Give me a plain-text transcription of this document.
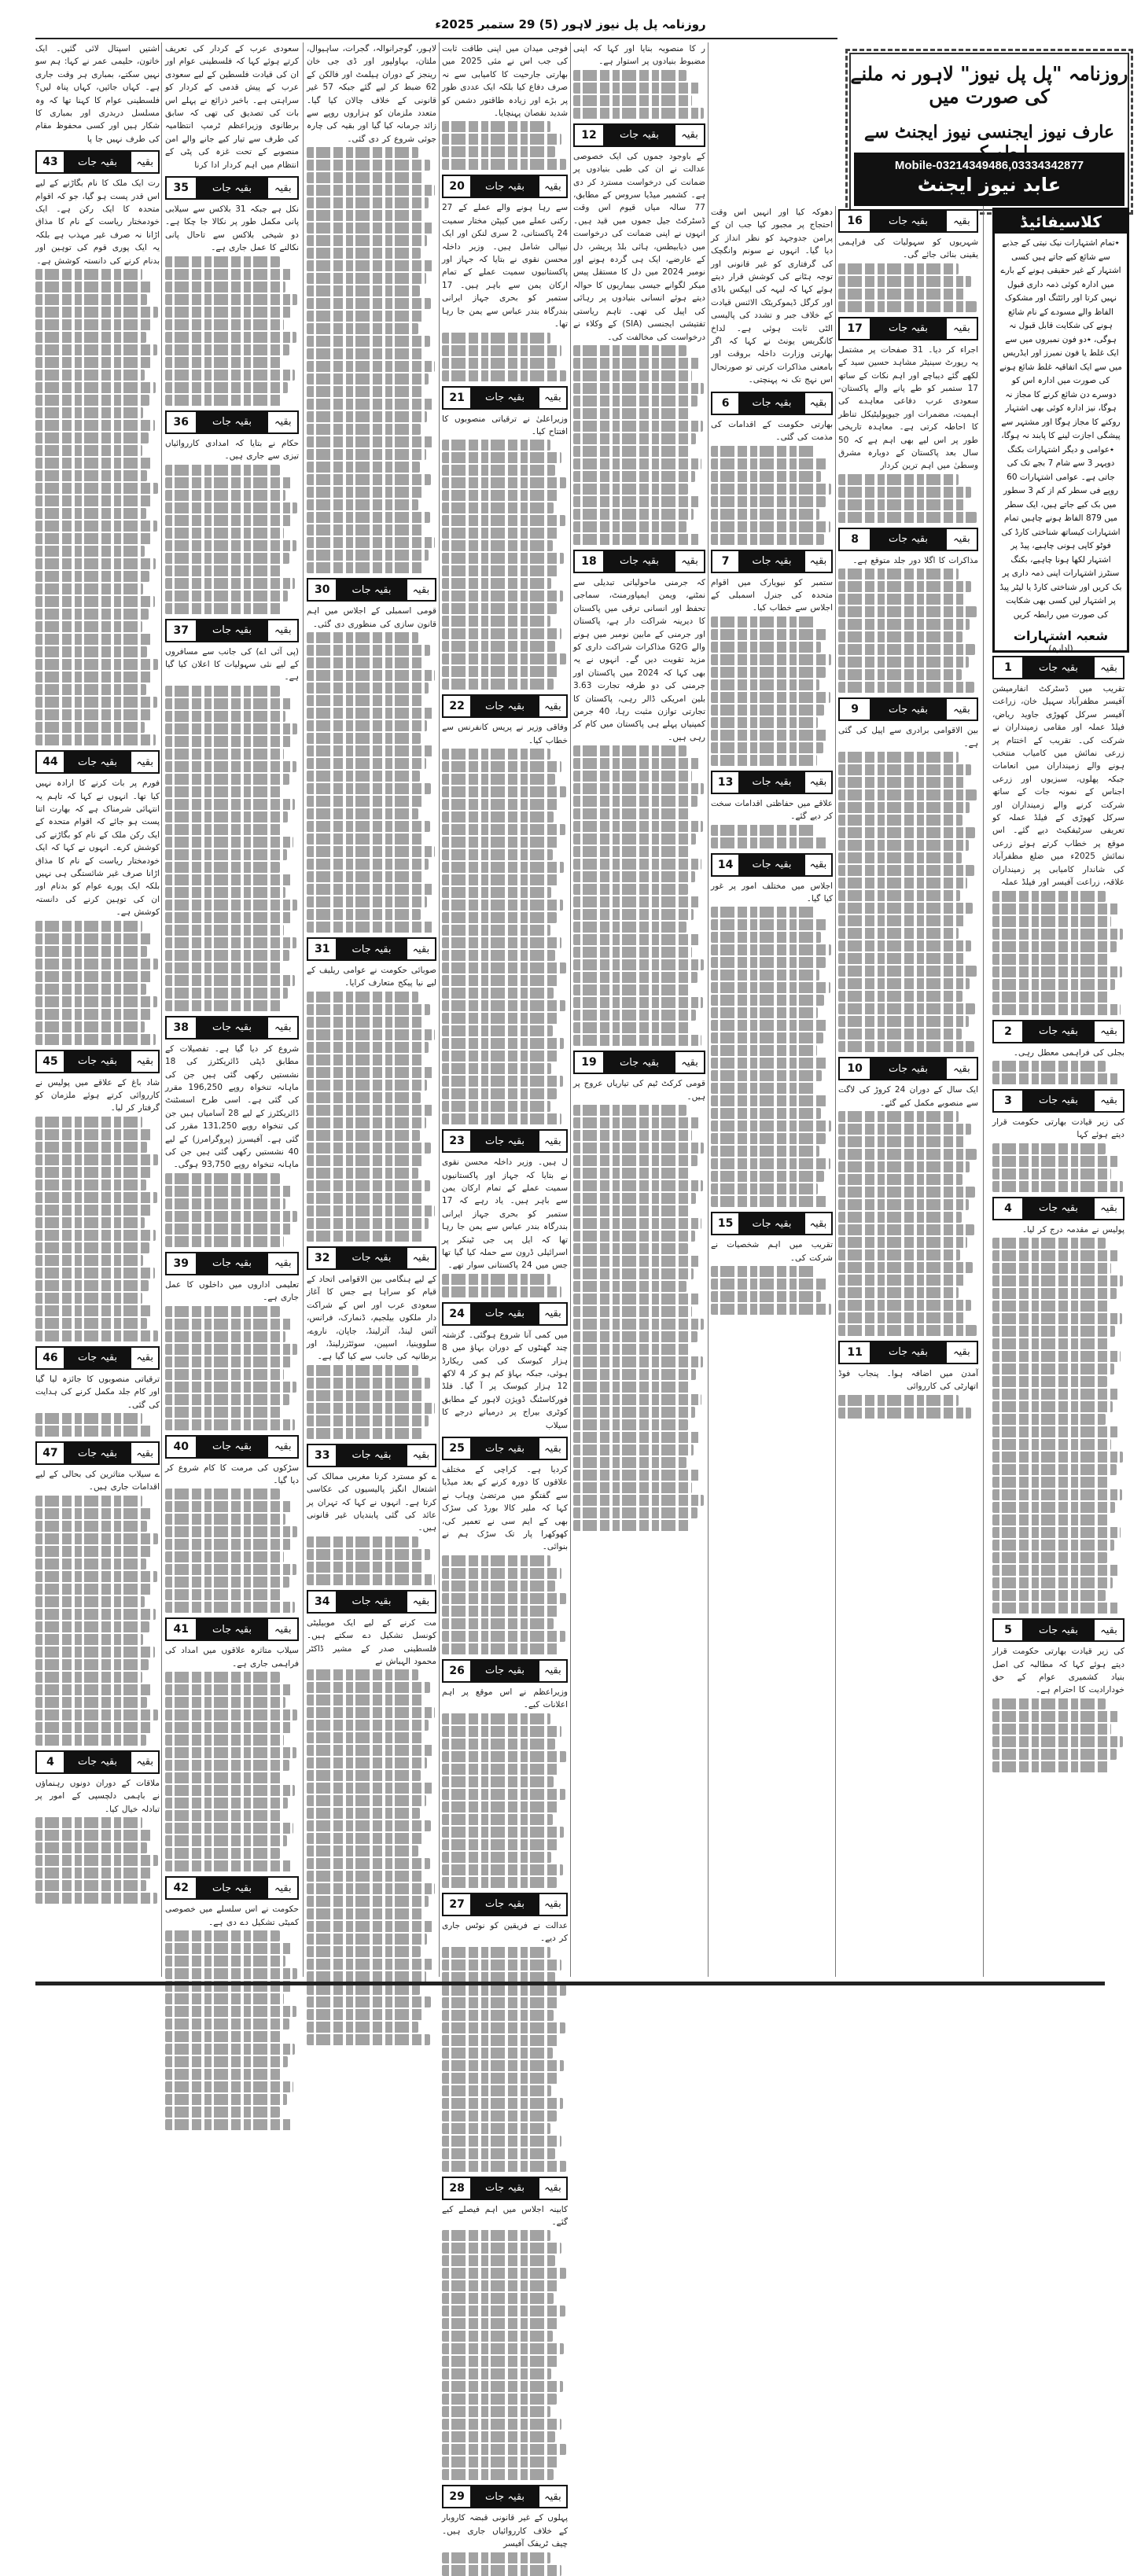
روزنامہ پل پل نیوز لاہور (5) 29 ستمبر 2025ء
روزنامہ "پل پل نیوز" لاہور نہ ملنے کی صورت میں
عارف نیوز ایجنسی نیوز ایجنٹ سے
Mobile-03214349486,03334342877
عابد نیوز ایجنٹ
کلاسیفائیڈ
٭تمام اشتہارات نیک نیتی کے جذبے سے شائع کیے جاتے ہیں کسی اشتہار کے غیر حقیقی ہونے کے بارے میں ادارہ کوئی ذمہ داری قبول نہیں کرتا اور رائٹنگ اور مشکوک الفاظ والے مسودے کے نام شائع ہونے کی شکایت قابل قبول نہ ہوگی، ٭دو فون نمبروں میں سے ایک غلط یا فون نمبرز اور ایڈریس میں سے ایک اتفاقیہ غلط شائع ہونے کی صورت میں ادارہ اس کو دوسرے دن شائع کرنے کا مجاز نہ ہوگا، نیز ادارہ کوئی بھی اشتہار روکنے کا مجاز ہوگا اور مشتہر سے پیشگی اجازت لینے کا پابند نہ ہوگا، ٭عوامی و دیگر اشتہارات بکنگ دوپہر 3 سے شام 7 بجے تک کی جاتی ہے۔ عوامی اشتہارات 60 روپے فی سطر کم از کم 3 سطور میں بک کیے جاتے ہیں، ایک سطر میں 879 الفاظ ہونے چاہیں تمام اشتہارات کیساتھ شناختی کارڈ کی فوٹو کاپی ہونی چاہیے، پیڈ پر اشتہار لکھا ہونا چاہیے، بکنگ سنٹرز اشتہارات اپنی ذمہ داری پر بک کریں اور شناختی کارڈ یا لیٹر پیڈ پر اشتہار لیں کسی بھی شکایت کی صورت میں رابطہ کریں
شعبہ اشتہارات
(ادارہ)
اشتیں اسپتال لائی گئیں۔ ایک خاتون، حلیمی عمر نے کہا: ہم سو نہیں سکتے، بمباری ہر وقت جاری ہے۔ کہاں جائیں، کہاں پناہ لیں؟ فلسطینی عوام کا کہنا تھا کہ وہ مسلسل دربدری اور بمباری کا شکار ہیں اور کسی محفوظ مقام کی طرف نہیں جا پا
43	بقیہ جات	بقیہ
رت ایک ملک کا نام بگاڑنے کے لیے اس قدر پست ہو گیا، جو کہ اقوام متحدہ کا ایک رکن ہے۔ ایک خودمختار ریاست کے نام کا مذاق اڑانا نہ صرف غیر مہذب ہے بلکہ یہ ایک پوری قوم کی توہین اور بدنام کرنے کی دانستہ کوشش ہے۔
44	بقیہ جات	بقیہ
فورم پر بات کرنے کا ارادہ نہیں کیا تھا۔ انہوں نے کہا کہ تاہم یہ انتہائی شرمناک ہے کہ بھارت اتنا پست ہو جائے کہ اقوام متحدہ کے ایک رکن ملک کے نام کو بگاڑنے کی کوشش کرے۔ انہوں نے کہا کہ ایک خودمختار ریاست کے نام کا مذاق اڑانا صرف غیر شائستگی ہی نہیں بلکہ ایک پورے عوام کو بدنام اور ان کی توہین کرنے کی دانستہ کوشش ہے۔
45	بقیہ جات	بقیہ
شاد باغ کے علاقے میں پولیس نے کارروائی کرتے ہوئے ملزمان کو گرفتار کر لیا۔
46	بقیہ جات	بقیہ
ترقیاتی منصوبوں کا جائزہ لیا گیا اور کام جلد مکمل کرنے کی ہدایت کی گئی۔
47	بقیہ جات	بقیہ
ے سیلاب متاثرین کی بحالی کے لیے اقدامات جاری ہیں۔
4	بقیہ جات	بقیہ
ملاقات کے دوران دونوں رہنماؤں نے باہمی دلچسپی کے امور پر تبادلہ خیال کیا۔
سعودی عرب کے کردار کی تعریف کرتے ہوئے کہا کہ فلسطینی عوام اور ان کی قیادت فلسطین کے لیے سعودی عرب کے پیش قدمی کے کردار کو سراہتی ہے۔ باخبر ذرائع نے پہلے اس بات کی تصدیق کی تھی کہ سابق برطانوی وزیراعظم ٹرمپ انتظامیہ کی طرف سے تیار کیے جانے والے امن منصوبے کے تحت غزہ کی پٹی کے انتظام میں اہم کردار ادا کرنا
35	بقیہ جات	بقیہ
نکل ہے جبکہ 31 بلاکس سے سیلابی پانی مکمل طور پر نکالا جا چکا ہے۔ دو شیخی بلاکس سے تاحال پانی نکالنے کا عمل جاری ہے۔
36	بقیہ جات	بقیہ
حکام نے بتایا کہ امدادی کارروائیاں تیزی سے جاری ہیں۔
37	بقیہ جات	بقیہ
(پی آئی اے) کی جانب سے مسافروں کے لیے نئی سہولیات کا اعلان کیا گیا ہے۔
38	بقیہ جات	بقیہ
شروع کر دیا گیا ہے۔ تفصیلات کے مطابق ڈپٹی ڈائریکٹرز کی 18 نشستیں رکھی گئی ہیں جن کی ماہانہ تنخواہ روپے 196,250 مقرر کی گئی ہے۔ اسی طرح اسسٹنٹ ڈائریکٹرز کے لیے 28 آسامیاں ہیں جن کی تنخواہ روپے 131,250 مقرر کی گئی ہے۔ آفیسرز (پروگرامرز) کے لیے 40 نشستیں رکھی گئی ہیں جن کی ماہانہ تنخواہ روپے 93,750 ہوگی۔
39	بقیہ جات	بقیہ
تعلیمی اداروں میں داخلوں کا عمل جاری ہے۔
40	بقیہ جات	بقیہ
سڑکوں کی مرمت کا کام شروع کر دیا گیا۔
41	بقیہ جات	بقیہ
سیلاب متاثرہ علاقوں میں امداد کی فراہمی جاری ہے۔
42	بقیہ جات	بقیہ
حکومت نے اس سلسلے میں خصوصی کمیٹی تشکیل دے دی ہے۔
لاہور، گوجرانوالہ، گجرات، ساہیوال، ملتان، بہاولپور اور ڈی جی خان رینجز کے دوران ہیلمٹ اور فالکن کے 62 ضبط کر لیے گئے جبکہ 57 غیر قانونی کے خلاف چالان کیا گیا۔ متعدد ملزمان کو ہزاروں روپے سے زائد جرمانہ کیا گیا اور بقیہ کی چارہ جوئی شروع کر دی گئی۔
30	بقیہ جات	بقیہ
قومی اسمبلی کے اجلاس میں اہم قانون سازی کی منظوری دی گئی۔
31	بقیہ جات	بقیہ
صوبائی حکومت نے عوامی ریلیف کے لیے نیا پیکج متعارف کرایا۔
32	بقیہ جات	بقیہ
کے لیے ہنگامی بین الاقوامی اتحاد کے قیام کو سراہا ہے جس کا آغاز سعودی عرب اور اس کے شراکت دار ملکوں بیلجیم، ڈنمارک، فرانس، آئس لینڈ، آئرلینڈ، جاپان، ناروے، سلووینیا، اسپین، سوئٹزرلینڈ، اور برطانیہ کی جانب سے کیا گیا ہے۔
33	بقیہ جات	بقیہ
ے کو مسترد کرنا مغربی ممالک کی اشتعال انگیز پالیسیوں کی عکاسی کرتا ہے۔ انہوں نے کہا کہ تہران پر عائد کی گئی پابندیاں غیر قانونی ہیں۔
34	بقیہ جات	بقیہ
مت کرنے کے لیے ایک موبیلیٹی کونسل تشکیل دے سکتے ہیں۔ فلسطینی صدر کے مشیر ڈاکٹر محمود الہباش نے
فوجی میدان میں اپنی طاقت ثابت کی جب اس نے مئی 2025 میں بھارتی جارحیت کا کامیابی سے نہ صرف دفاع کیا بلکہ ایک عددی طور پر بڑے اور زیادہ طاقتور دشمن کو شدید نقصان پہنچایا۔
20	بقیہ جات	بقیہ
سے رہا ہونے والے عملے کے 27 رکنی عملے میں کیپٹن مختار سمیت 24 پاکستانی، 2 سری لنکن اور ایک نیپالی شامل ہیں۔ وزیر داخلہ محسن نقوی نے بتایا کہ جہاز اور پاکستانیوں سمیت عملے کے تمام ارکان یمن سے باہر ہیں۔ 17 ستمبر کو بحری جہاز ایرانی بندرگاہ بندر عباس سے یمن جا رہا تھا۔
21	بقیہ جات	بقیہ
وزیراعلیٰ نے ترقیاتی منصوبوں کا افتتاح کیا۔
22	بقیہ جات	بقیہ
وفاقی وزیر نے پریس کانفرنس سے خطاب کیا۔
23	بقیہ جات	بقیہ
ل ہیں۔ وزیر داخلہ محسن نقوی نے بتایا کہ جہاز اور پاکستانیوں سمیت عملے کے تمام ارکان یمن سے باہر ہیں۔ یاد رہے کہ 17 ستمبر کو بحری جہاز ایرانی بندرگاہ بندر عباس سے یمن جا رہا تھا کہ ایل پی جی ٹینکر پر اسرائیلی ڈرون سے حملہ کیا گیا تھا جس میں 24 پاکستانی سوار تھے۔
24	بقیہ جات	بقیہ
میں کمی آنا شروع ہوگئی۔ گزشتہ چند گھنٹوں کے دوران بہاؤ میں 8 ہزار کیوسک کی کمی ریکارڈ ہوئی، جبکہ بہاؤ کم ہو کر 4 لاکھ 12 ہزار کیوسک پر آ گیا۔ فلڈ فورکاسٹنگ ڈویژن لاہور کے مطابق کوٹری بیراج پر درمیانے درجے کا سیلاب
25	بقیہ جات	بقیہ
کردیا ہے۔ کراچی کے مختلف علاقوں کا دورہ کرنے کے بعد میڈیا سے گفتگو میں مرتضیٰ وہاب نے کہا کہ ملیر کالا بورڈ کی سڑک بھی کے ایم سی نے تعمیر کی، کھوکھرا پار تک سڑک ہم نے بنوائی۔
26	بقیہ جات	بقیہ
وزیراعظم نے اس موقع پر اہم اعلانات کیے۔
27	بقیہ جات	بقیہ
عدالت نے فریقین کو نوٹس جاری کر دیے۔
28	بقیہ جات	بقیہ
کابینہ اجلاس میں اہم فیصلے کیے گئے۔
29	بقیہ جات	بقیہ
پہلوں کے غیر قانونی قبضہ کاروبار کے خلاف کارروائیاں جاری ہیں۔ چیف ٹریفک آفیسر
ر کا منصوبہ بنایا اور کہا کہ اپنی مضبوط بنیادوں پر استوار ہے۔
12	بقیہ جات	بقیہ
کے باوجود جموں کی ایک خصوصی عدالت نے ان کی طبی بنیادوں پر ضمانت کی درخواست مسترد کر دی ہے۔ کشمیر میڈیا سروس کے مطابق، 77 سالہ میاں قیوم اس وقت ڈسٹرکٹ جیل جموں میں قید ہیں۔ انہوں نے اپنی ضمانت کی درخواست میں ذیابیطس، ہائی بلڈ پریشر، دل کے عارضے، ایک ہی گردہ ہونے اور نومبر 2024 میں دل کا مستقل پیس میکر لگوانے جیسی بیماریوں کا حوالہ دیتے ہوئے انسانی بنیادوں پر رہائی کی اپیل کی تھی۔ تاہم ریاستی تفتیشی ایجنسی (SIA) کے وکلاء نے درخواست کی مخالفت کی۔
18	بقیہ جات	بقیہ
کہ جرمنی ماحولیاتی تبدیلی سے نمٹنے، ویمن ایمپاورمنٹ، سماجی تحفظ اور انسانی ترقی میں پاکستان کا دیرینہ شراکت دار ہے، پاکستان اور جرمنی کے مابین نومبر میں ہونے والے G2G مذاکرات شراکت داری کو مزید تقویت دیں گے۔ انہوں نے یہ بھی کہا کہ 2024 میں پاکستان اور جرمنی کی دو طرفہ تجارت 3.63 بلین امریکی ڈالر رہی، پاکستان کا تجارتی توازن مثبت رہا، 40 جرمن کمپنیاں پہلے ہی پاکستان میں کام کر رہی ہیں۔
19	بقیہ جات	بقیہ
قومی کرکٹ ٹیم کی تیاریاں عروج پر ہیں۔
دھوکہ کیا اور انہیں اس وقت احتجاج پر مجبور کیا جب ان کے پرامن جدوجہد کو نظر انداز کر دیا گیا۔ انہوں نے سونم وانگچک کی گرفتاری کو غیر قانونی اور توجہ ہٹانے کی کوشش قرار دیتے ہوئے کہا کہ لیہہ کی ایپکس باڈی اور کرگل ڈیموکریٹک الائنس قیادت کے خلاف جبر و تشدد کی پالیسی الٹی ثابت ہوئی ہے۔ لداخ کانگریس یونٹ نے کہا کہ اگر بھارتی وزارت داخلہ بروقت اور بامعنی مذاکرات کرتی تو صورتحال اس نہج تک نہ پہنچتی۔
6	بقیہ جات	بقیہ
بھارتی حکومت کے اقدامات کی مذمت کی گئی۔
7	بقیہ جات	بقیہ
ستمبر کو نیویارک میں اقوام متحدہ کی جنرل اسمبلی کے اجلاس سے خطاب کیا۔
13	بقیہ جات	بقیہ
علاقے میں حفاظتی اقدامات سخت کر دیے گئے۔
14	بقیہ جات	بقیہ
اجلاس میں مختلف امور پر غور کیا گیا۔
15	بقیہ جات	بقیہ
تقریب میں اہم شخصیات نے شرکت کی۔
16	بقیہ جات	بقیہ
شہریوں کو سہولیات کی فراہمی یقینی بنائی جائے گی۔
17	بقیہ جات	بقیہ
اجراء کر دیا۔ 31 صفحات پر مشتمل یہ رپورٹ سینیٹر مشاہد حسین سید کے لکھے گئے دیباچے اور اہم نکات کے ساتھ 17 ستمبر کو طے پانے والے پاکستان-سعودی عرب دفاعی معاہدے کی اہمیت، مضمرات اور جیوپولیٹیکل تناظر کا احاطہ کرتی ہے۔ معاہدہ تاریخی طور پر اس لیے بھی اہم ہے کہ 50 سال بعد پاکستان کے دوبارہ مشرق وسطیٰ میں اہم ترین کردار
8	بقیہ جات	بقیہ
مذاکرات کا اگلا دور جلد متوقع ہے۔
9	بقیہ جات	بقیہ
بین الاقوامی برادری سے اپیل کی گئی ہے۔
10	بقیہ جات	بقیہ
ایک سال کے دوران 24 کروڑ کی لاگت سے منصوبے مکمل کیے گئے۔
11	بقیہ جات	بقیہ
آمدن میں اضافہ ہوا۔ پنجاب فوڈ اتھارٹی کی کارروائی
1	بقیہ جات	بقیہ
تقریب میں ڈسٹرکٹ انفارمیشن آفیسر مظفرآباد سہیل خان، زراعت آفیسر سرکل کھوڑی جاوید ریاض، فیلڈ عملہ اور مقامی زمینداران نے شرکت کی۔ تقریب کے اختتام پر زرعی نمائش میں کامیاب منتخب ہونے والے زمینداران میں انعامات جبکہ پھلوں، سبزیوں اور زرعی اجناس کے نمونہ جات کے ساتھ شرکت کرنے والے زمینداران اور سرکل کھوڑی کے فیلڈ عملہ کو تعریفی سرٹیفکیٹ دیے گئے۔ اس موقع پر خطاب کرتے ہوئے زرعی نمائش 2025ء میں ضلع مظفرآباد کی شاندار کامیابی پر زمینداران علاقہ، زراعت آفیسر اور فیلڈ عملہ
2	بقیہ جات	بقیہ
بجلی کی فراہمی معطل رہی۔
3	بقیہ جات	بقیہ
کی زیر قیادت بھارتی حکومت قرار دیتے ہوئے کہا
4	بقیہ جات	بقیہ
پولیس نے مقدمہ درج کر لیا۔
5	بقیہ جات	بقیہ
کی زیر قیادت بھارتی حکومت قرار دیتے ہوئے کہا کہ مطالبہ کی اصل بنیاد کشمیری عوام کے حق خودارادیت کا احترام ہے۔
